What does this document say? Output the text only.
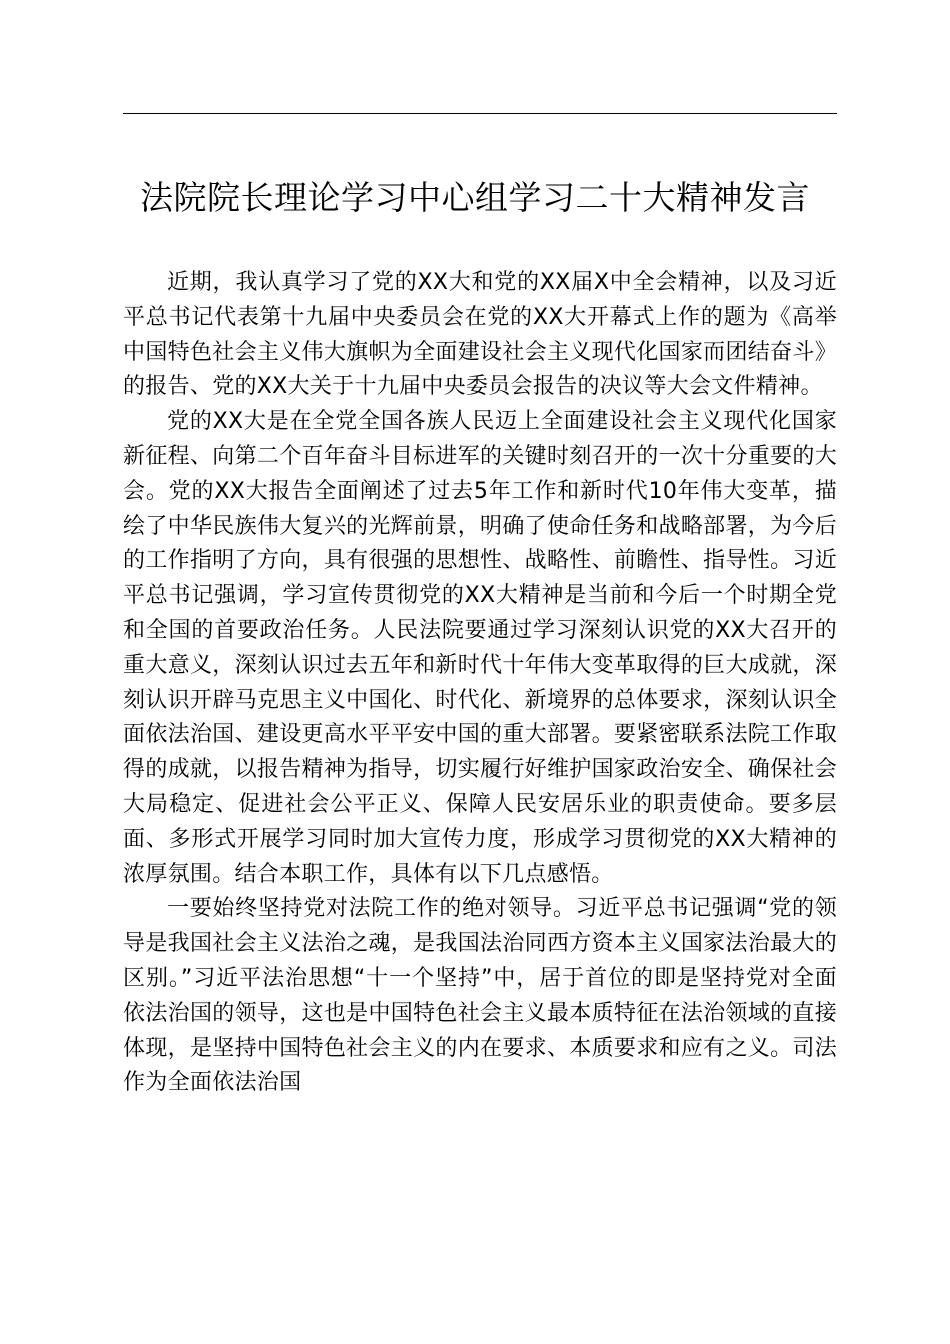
法院院长理论学习中心组学习二十大精神发言

近期，我认真学习了党的XX大和党的XX届X中全会精神，以及习近平总书记代表第十九届中央委员会在党的XX大开幕式上作的题为《高举中国特色社会主义伟大旗帜为全面建设社会主义现代化国家而团结奋斗》的报告、党的XX大关于十九届中央委员会报告的决议等大会文件精神。

党的XX大是在全党全国各族人民迈上全面建设社会主义现代化国家新征程、向第二个百年奋斗目标进军的关键时刻召开的一次十分重要的大会。党的XX大报告全面阐述了过去5年工作和新时代10年伟大变革，描绘了中华民族伟大复兴的光辉前景，明确了使命任务和战略部署，为今后的工作指明了方向，具有很强的思想性、战略性、前瞻性、指导性。习近平总书记强调，学习宣传贯彻党的XX大精神是当前和今后一个时期全党和全国的首要政治任务。人民法院要通过学习深刻认识党的XX大召开的重大意义，深刻认识过去五年和新时代十年伟大变革取得的巨大成就，深刻认识开辟马克思主义中国化、时代化、新境界的总体要求，深刻认识全面依法治国、建设更高水平平安中国的重大部署。要紧密联系法院工作取得的成就，以报告精神为指导，切实履行好维护国家政治安全、确保社会大局稳定、促进社会公平正义、保障人民安居乐业的职责使命。要多层面、多形式开展学习同时加大宣传力度，形成学习贯彻党的XX大精神的浓厚氛围。结合本职工作，具体有以下几点感悟。

一要始终坚持党对法院工作的绝对领导。习近平总书记强调“党的领导是我国社会主义法治之魂，是我国法治同西方资本主义国家法治最大的区别。”习近平法治思想“十一个坚持”中，居于首位的即是坚持党对全面依法治国的领导，这也是中国特色社会主义最本质特征在法治领域的直接体现，是坚持中国特色社会主义的内在要求、本质要求和应有之义。司法作为全面依法治国
